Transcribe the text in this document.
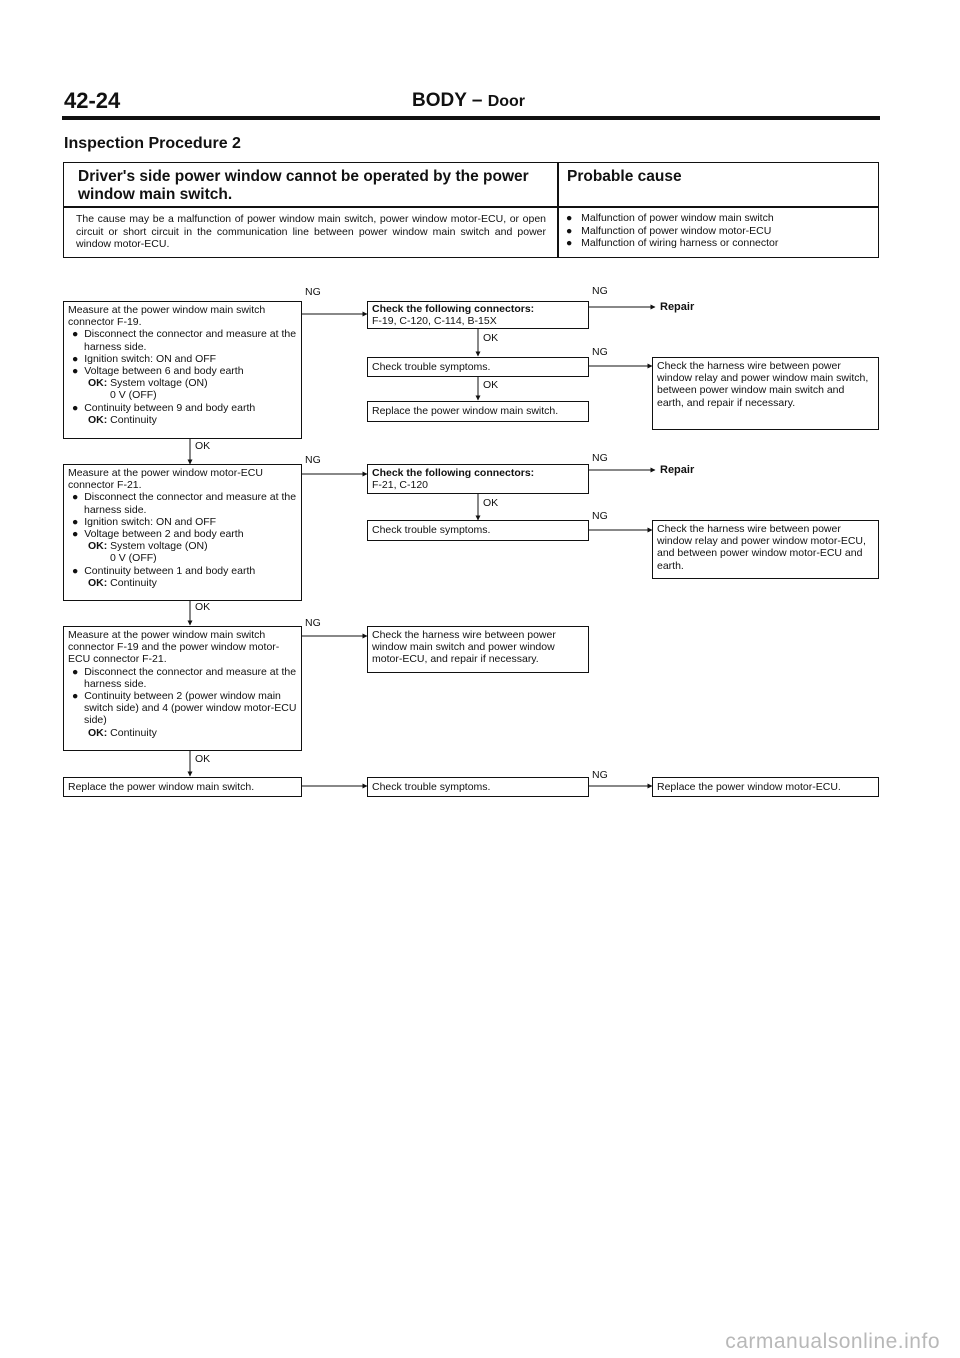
42-24	BODY – Door
Inspection Procedure 2
Driver's side power window cannot be operated by the power window main switch.
Probable cause
The cause may be a malfunction of power window main switch, power window motor-ECU, or open circuit or short circuit in the communication line between power window main switch and power window motor-ECU.
● Malfunction of power window main switch
● Malfunction of power window motor-ECU
● Malfunction of wiring harness or connector
NG	NG
OK
NG
OK
OK
NG	NG
OK
NG
OK
NG
OK
NG
Measure at the power window main switch connector F-19.
● Disconnect the connector and measure at the harness side.
● Ignition switch: ON and OFF
● Voltage between 6 and body earth
OK: System voltage (ON)
0 V (OFF)
● Continuity between 9 and body earth
OK: Continuity
Check the following connectors:
F-19, C-120, C-114, B-15X
Repair
Check trouble symptoms.	Check the harness wire between power window relay and power window main switch, between power window main switch and earth, and repair if necessary.
Replace the power window main switch.
Measure at the power window motor-ECU connector F-21.
● Disconnect the connector and measure at the harness side.
● Ignition switch: ON and OFF
● Voltage between 2 and body earth
OK: System voltage (ON)
0 V (OFF)
● Continuity between 1 and body earth
OK: Continuity
Check the following connectors:
F-21, C-120
Repair
Check trouble symptoms.	Check the harness wire between power window relay and power window motor-ECU, and between power window motor-ECU and earth.
Measure at the power window main switch connector F-19 and the power window motor-ECU connector F-21.
● Disconnect the connector and measure at the harness side.
● Continuity between 2 (power window main switch side) and 4 (power window motor-ECU side)
OK: Continuity
Check the harness wire between power window main switch and power window motor-ECU, and repair if necessary.
Replace the power window main switch.	Check trouble symptoms.	Replace the power window motor-ECU.
carmanualsonline.info
